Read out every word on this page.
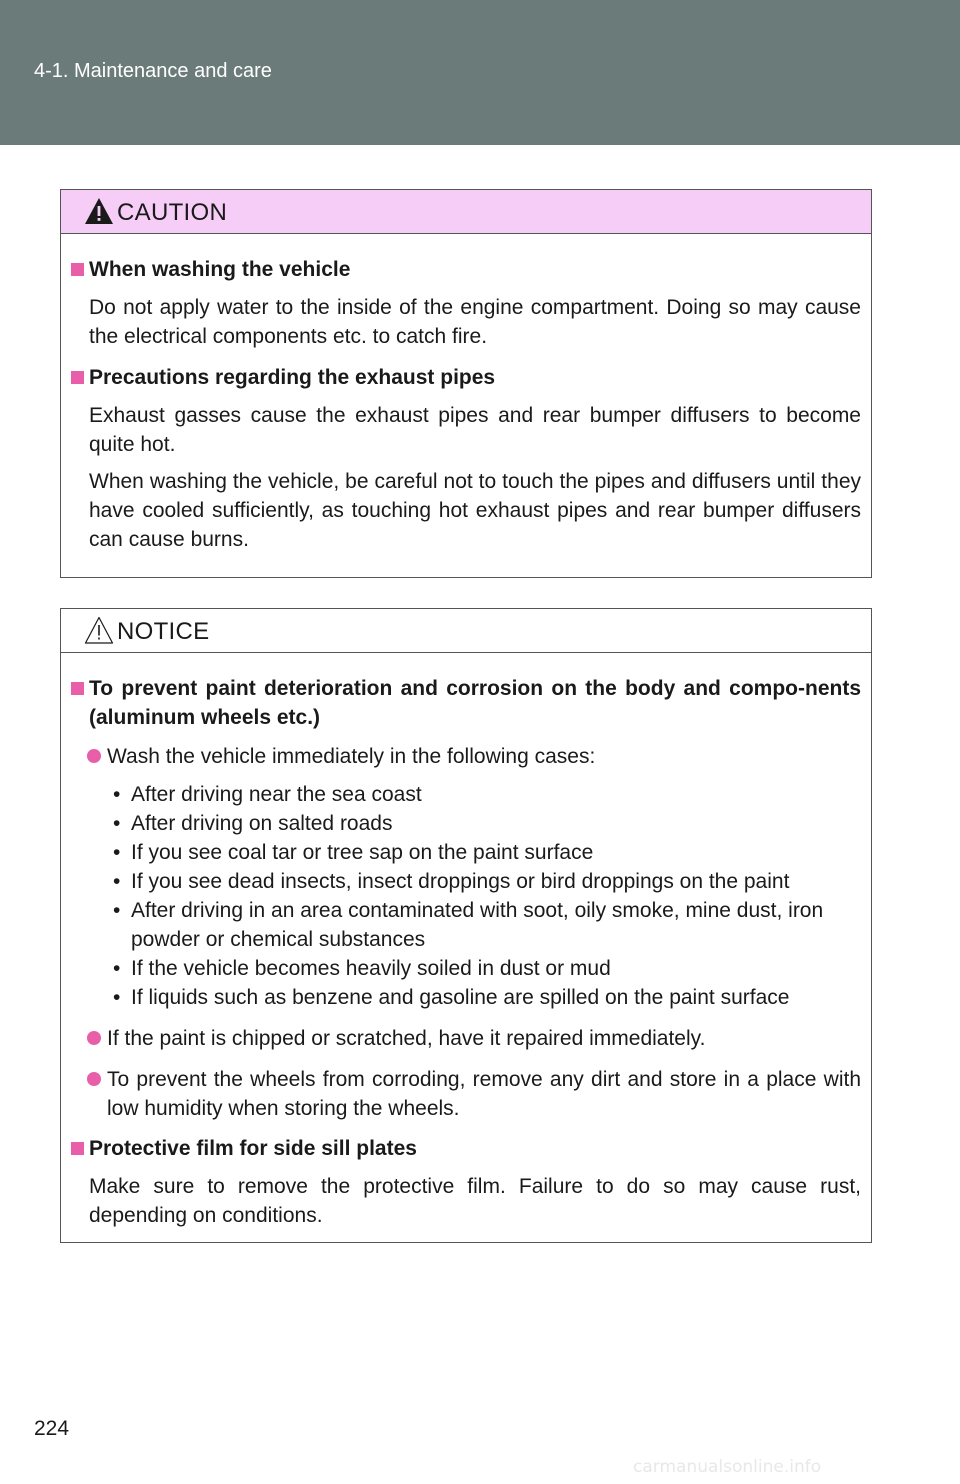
4-1. Maintenance and care
CAUTION
When washing the vehicle

Do not apply water to the inside of the engine compartment. Doing so may cause the electrical components etc. to catch fire.

Precautions regarding the exhaust pipes

Exhaust gasses cause the exhaust pipes and rear bumper diffusers to become quite hot.

When washing the vehicle, be careful not to touch the pipes and diffusers until they have cooled sufficiently, as touching hot exhaust pipes and rear bumper diffusers can cause burns.

NOTICE
To prevent paint deterioration and corrosion on the body and compo-nents (aluminum wheels etc.)
Wash the vehicle immediately in the following cases:
• After driving near the sea coast
• After driving on salted roads
• If you see coal tar or tree sap on the paint surface
• If you see dead insects, insect droppings or bird droppings on the paint
• After driving in an area contaminated with soot, oily smoke, mine dust, iron powder or chemical substances
• If the vehicle becomes heavily soiled in dust or mud
• If liquids such as benzene and gasoline are spilled on the paint surface
If the paint is chipped or scratched, have it repaired immediately.
To prevent the wheels from corroding, remove any dirt and store in a place with low humidity when storing the wheels.
Protective film for side sill plates

Make sure to remove the protective film. Failure to do so may cause rust, depending on conditions.

224
carmanualsonline.info
